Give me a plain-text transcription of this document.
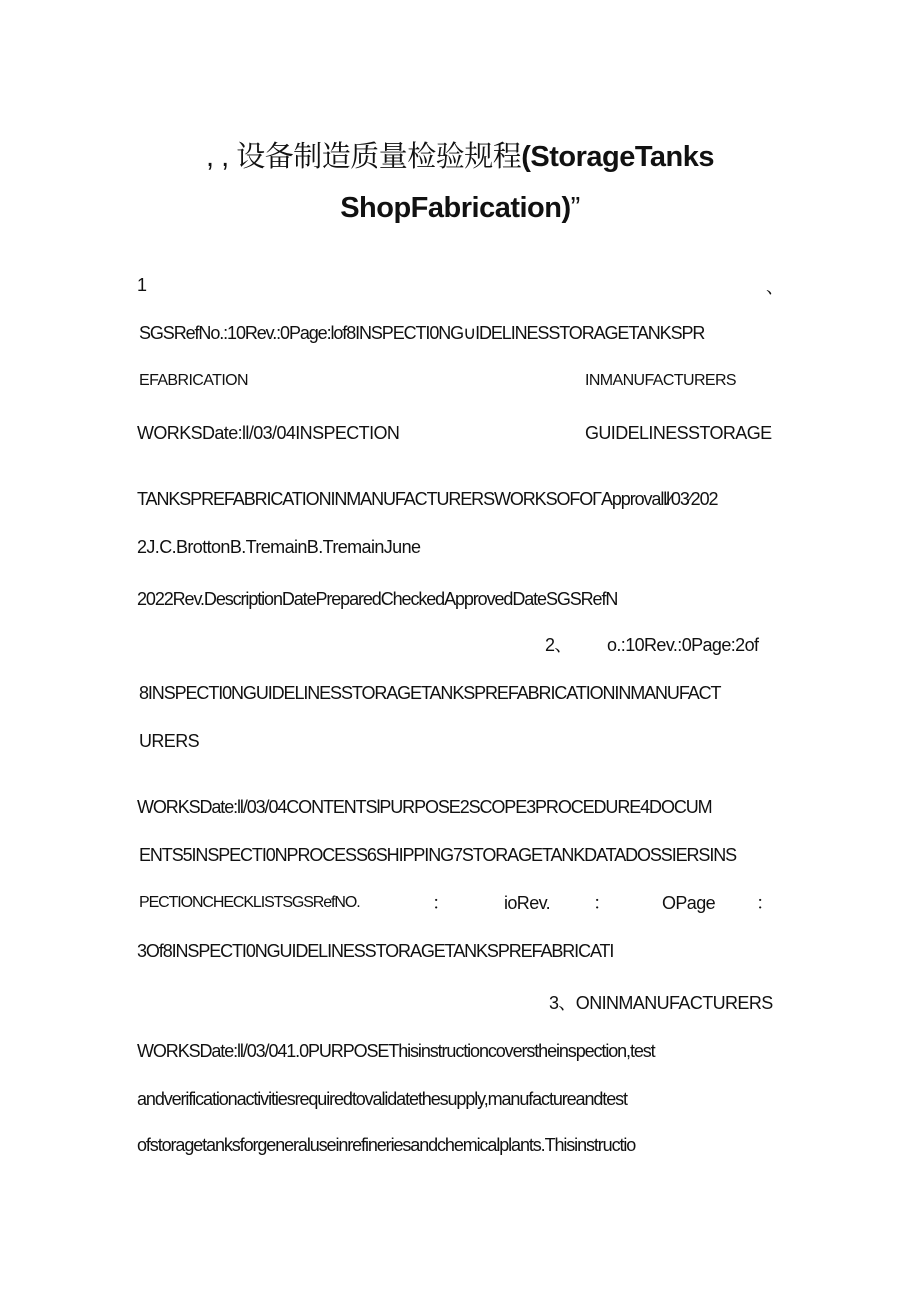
, , 设备制造质量检验规程(StorageTanks
ShopFabrication)”
1	、
SGSRefNo.:10Rev.:0Page:lof8INSPECTI0NG∪IDELINESSTORAGETANKSPR
EFABRICATION	INMANUFACTURERS
WORKSDate:ll/03/04INSPECTION	GUIDELINESSTORAGE
TANKSPREFABRICATIONINMANUFACTURERSWORKSOFOΓApprovalll∕03∕202
2J.C.BrottonB.TremainB.TremainJune
2022Rev.DescriptionDatePreparedCheckedApprovedDateSGSRefN
2、 o.:10Rev.:0Page:2of
8INSPECTI0NGUIDELINESSTORAGETANKSPREFABRICATIONINMANUFACT
URERS
WORKSDate:ll/03/04CONTENTSlPURPOSE2SCOPE3PROCEDURE4DOCUM
ENTS5INSPECTI0NPROCESS6SHIPPING7STORAGETANKDATADOSSIERSINS
PECTIONCHECKLISTSGSRefNO.	：	ioRev. ：	OPage ：
3Of8INSPECTI0NGUIDELINESSTORAGETANKSPREFABRICATI
3、ONINMANUFACTURERS
WORKSDate:ll/03/041.0PURPOSEThisinstructioncoverstheinspection,test
andverificationactivitiesrequiredtovalidatethesupply,manufactureandtest
ofstoragetanksforgeneraluseinrefineriesandchemicalplants.Thisinstructio
